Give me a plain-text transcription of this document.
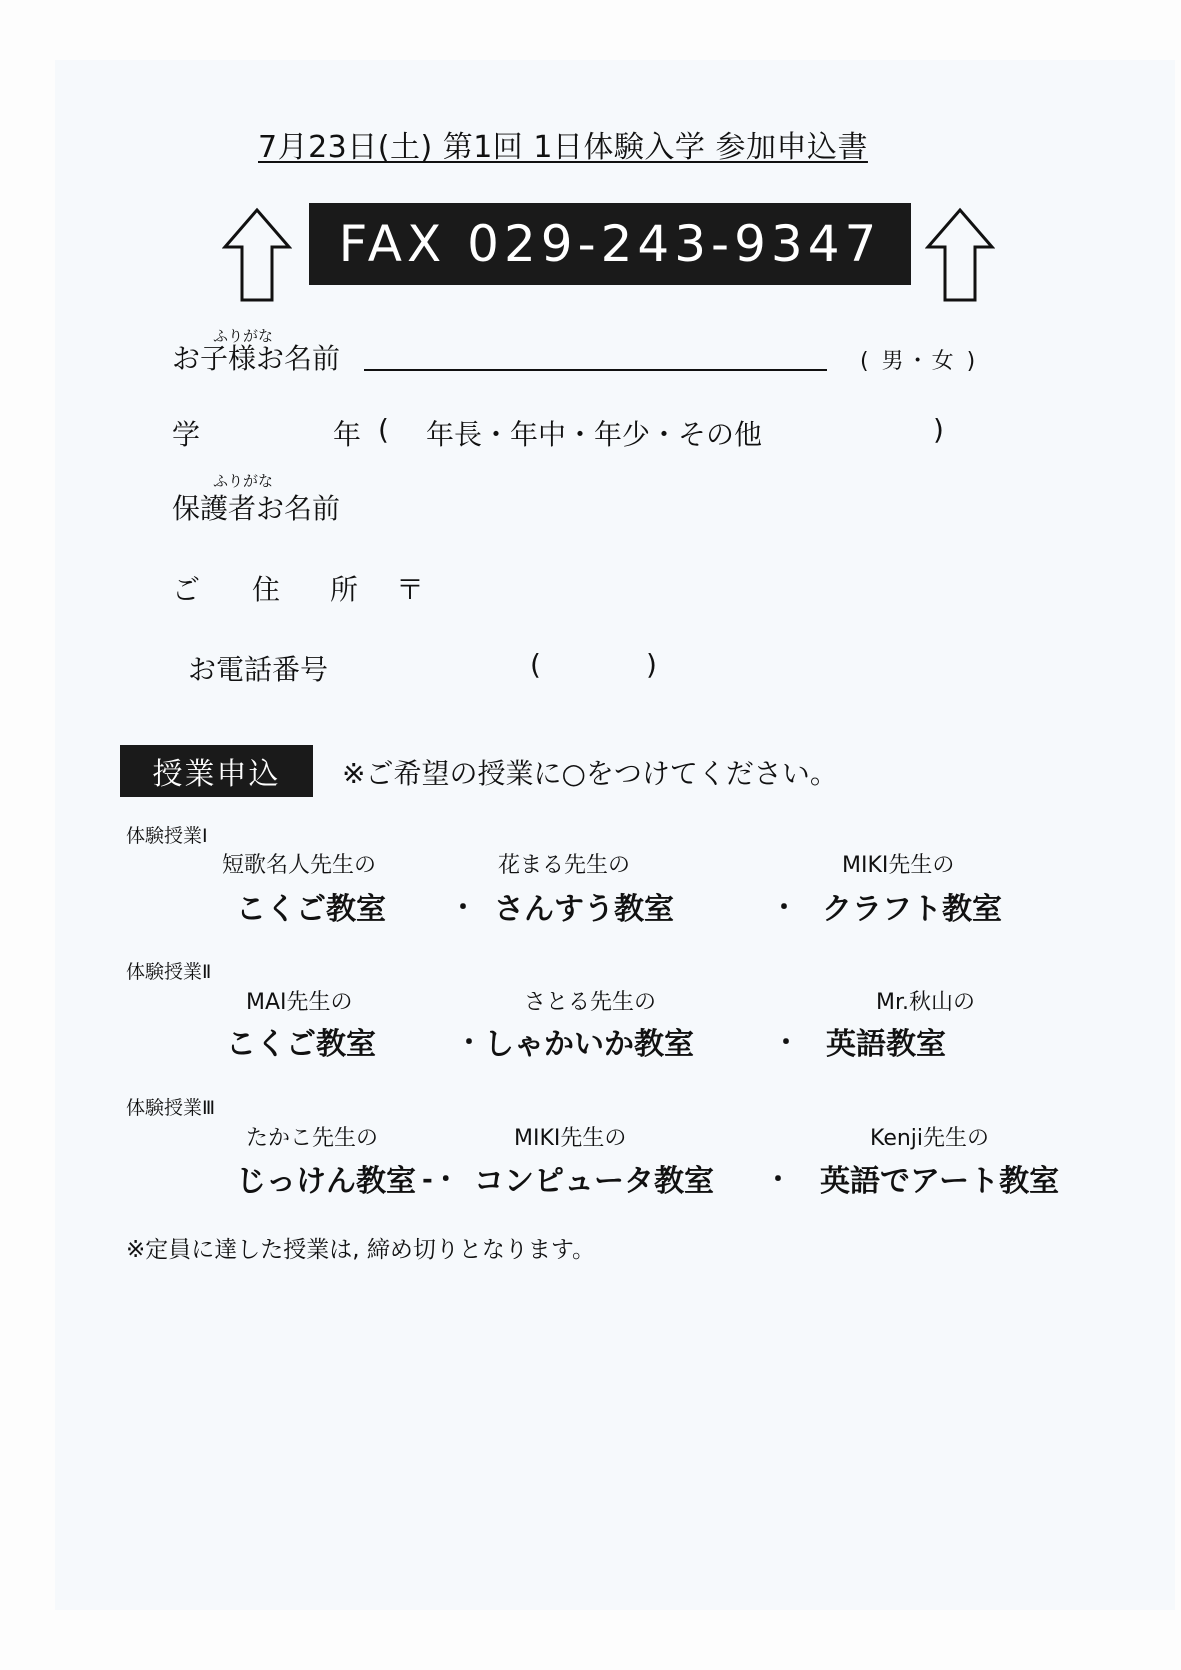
7月23日(土) 第1回 1日体験入学 参加申込書
FAX 029-243-9347
ふりがな
お子様お名前	( 男・女 )
学	年 ( 年長・年中・年少・その他	)
ふりがな
保護者お名前
ご 住 所 〒
お電話番号	(	)
授業申込	※ご希望の授業に○をつけてください。
体験授業Ⅰ
短歌名人先生の	花まる先生の	MIKI先生の
こくご教室 ・ さんすう教室	・ クラフト教室
体験授業Ⅱ
MAI先生の	さとる先生の	Mr.秋山の
こくご教室	・ しゃかいか教室	・ 英語教室
体験授業Ⅲ
たかこ先生の	MIKI先生の	Kenji先生の
じっけん教室 -・ コンピュータ教室 ・ 英語でアート教室
※定員に達した授業は, 締め切りとなります。
